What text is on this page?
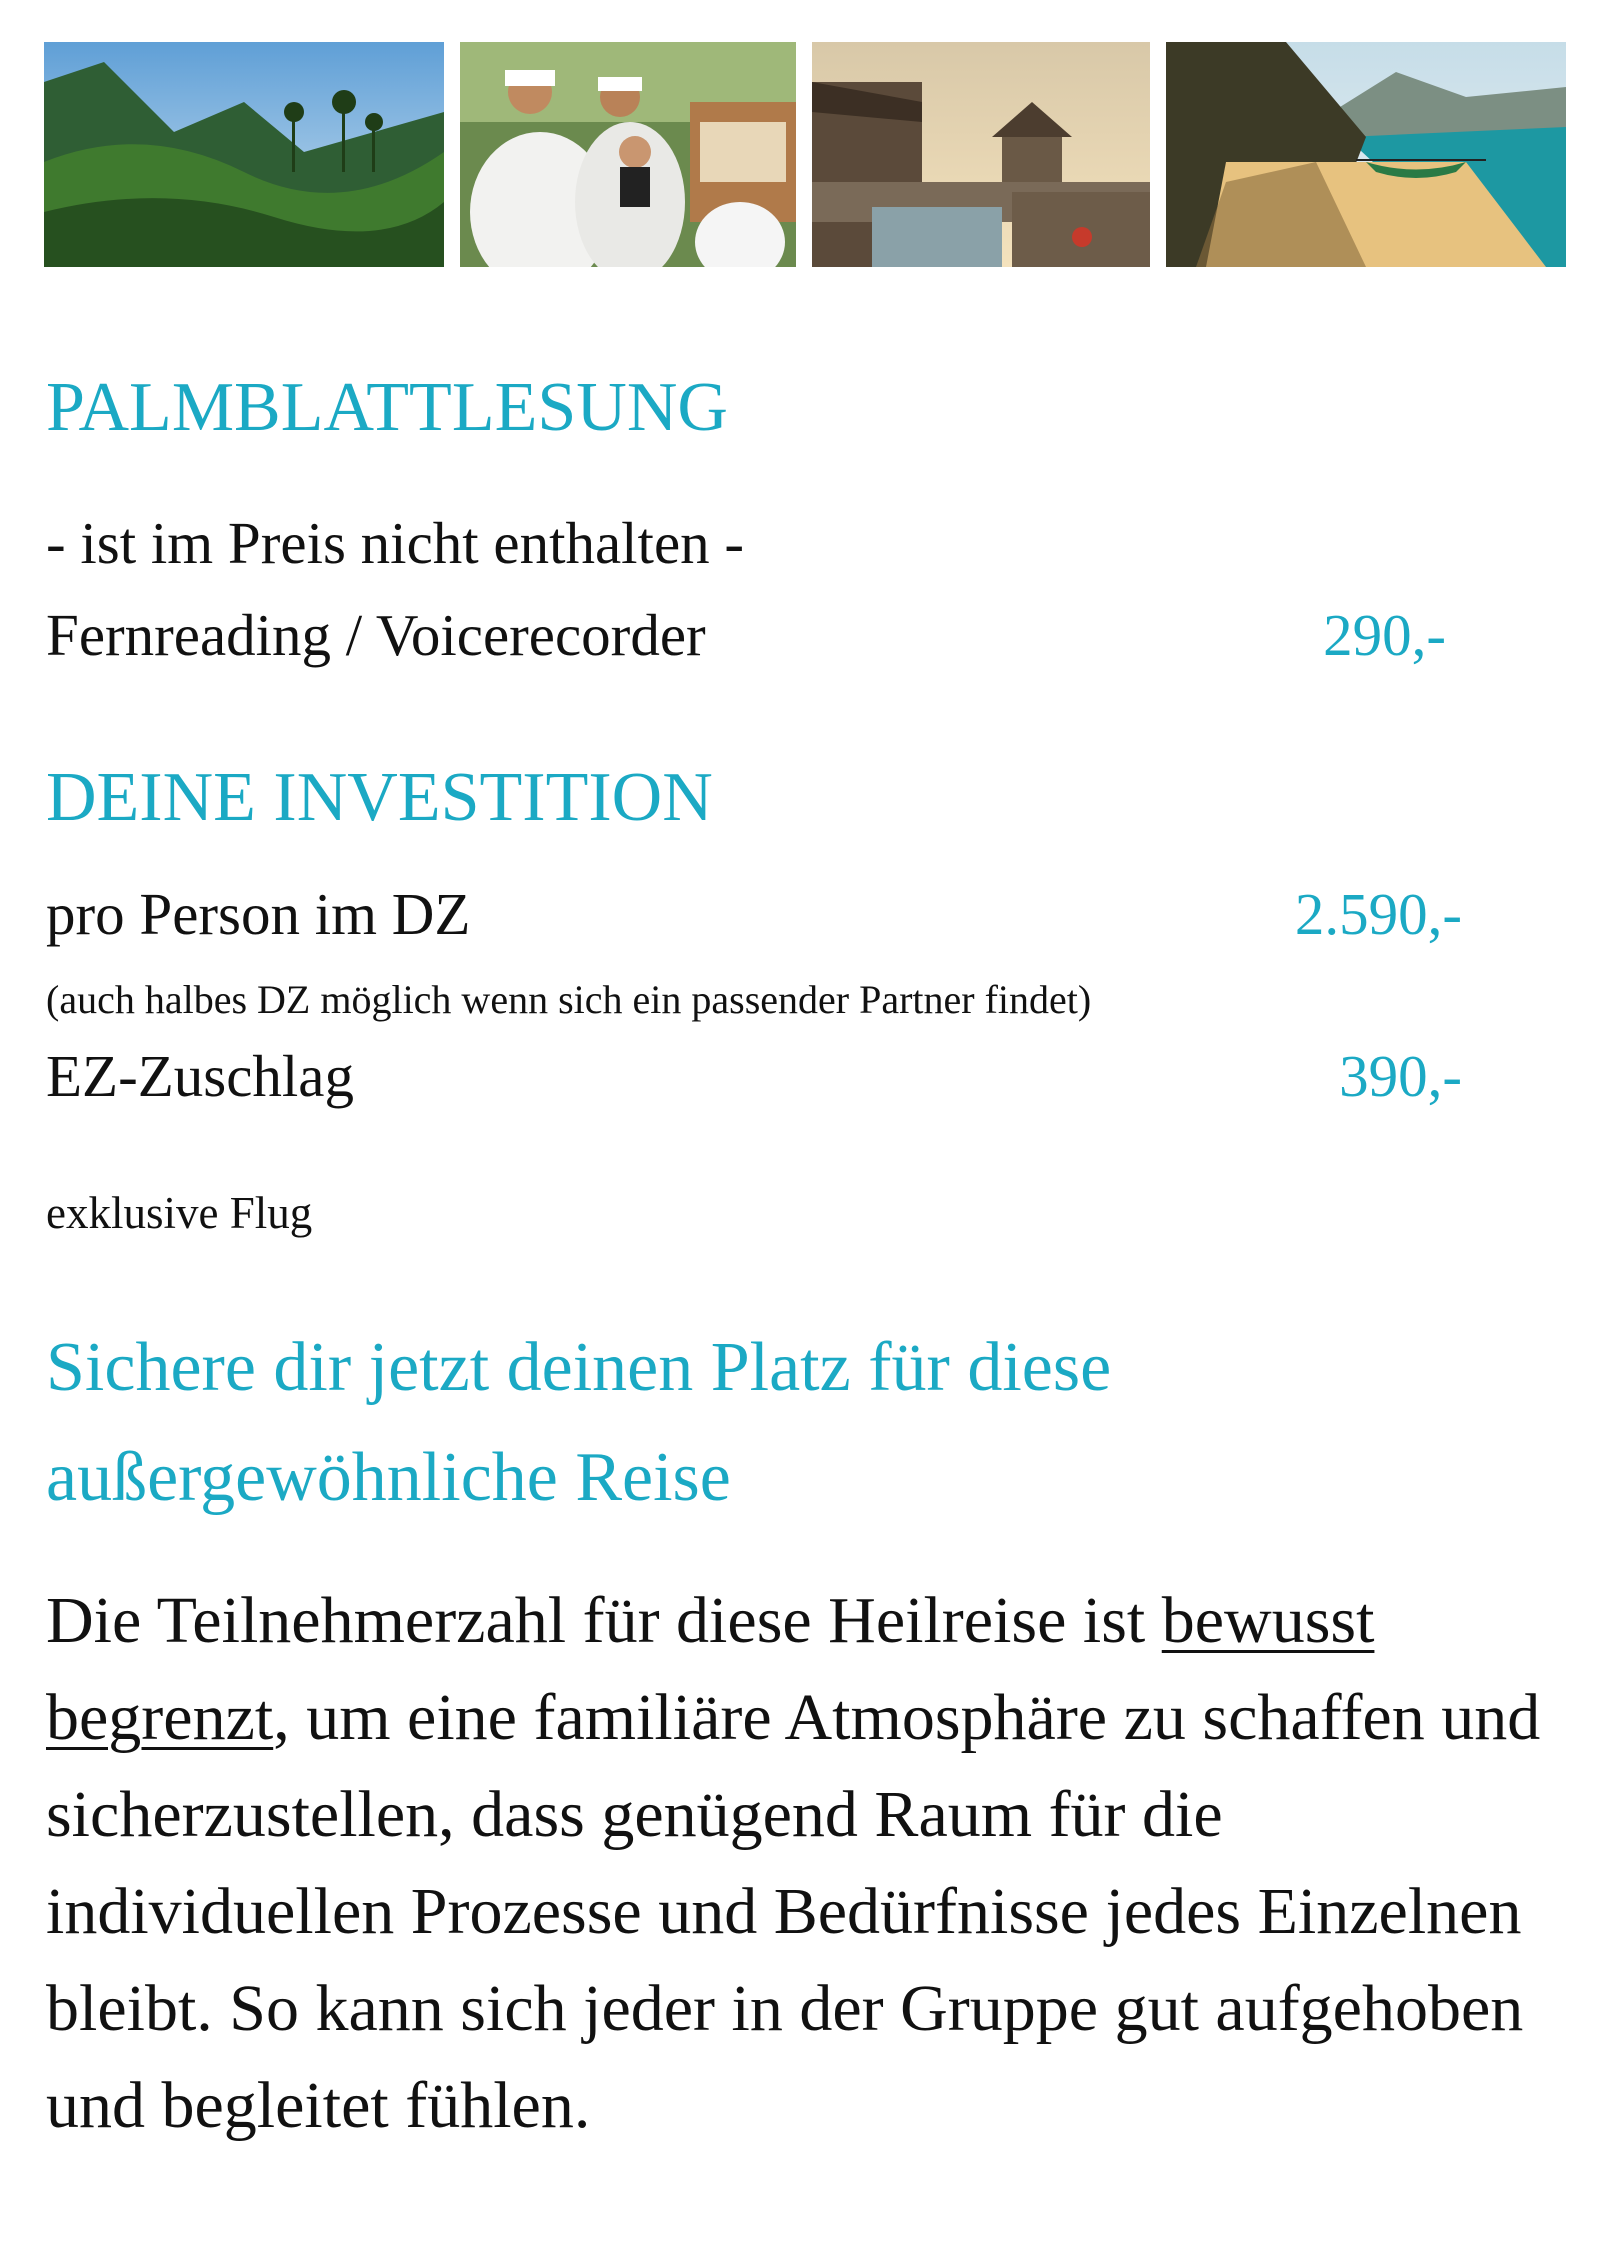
PALMBLATTLESUNG

- ist im Preis nicht enthalten -

Fernreading / Voicerecorder	290,-

DEINE INVESTITION

pro Person im DZ	2.590,-

(auch halbes DZ möglich wenn sich ein passender Partner findet)

EZ-Zuschlag	390,-

exklusive Flug

Sichere dir jetzt deinen Platz für diese
außergewöhnliche Reise

Die Teilnehmerzahl für diese Heilreise ist bewusst begrenzt, um eine familiäre Atmosphäre zu schaffen und sicherzustellen, dass genügend Raum für die individuellen Prozesse und Bedürfnisse jedes Einzelnen bleibt. So kann sich jeder in der Gruppe gut aufgehoben und begleitet fühlen.
